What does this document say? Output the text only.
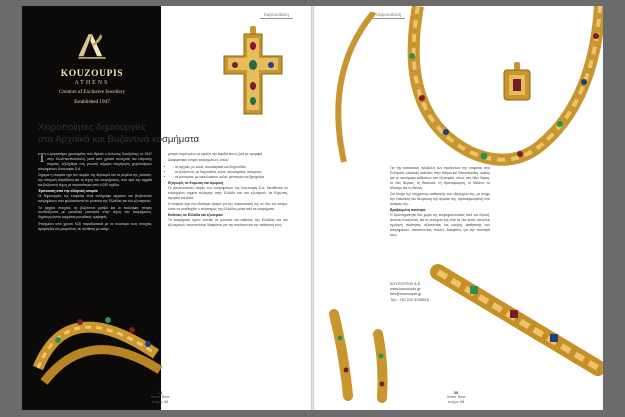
KOUZOUPIS
ATHENS
Creators of Exclusive Jewellery
Established 1947
παρουσίαση
Χειροποίητες δημιουργίες
στα Αρχαϊκά και Βυζαντινά κοσμήματα
Τ ο εργαστήριο χρυσοχοΐας που ίδρυσε ο Αντώνης Κουζούπης το 1947 στην Κωνσταντινούπολη, μετά από χρόνια συνεχούς και επίμονης πορείας, εξελίχθηκε στη γνωστή σήμερα επιχείρηση χειροποίητων κοσμημάτων Kouzoupis S.A.

Σήμερα η εταιρεία έχει τον ακριβό της θησαυρό και τα μεγάλα της γνώσεις: την ιστορική παράδοση και τη τέχνη του κοσμήματος, που τιμά την αρχαία και βυζαντινή τέχνη με περισσότερα από 4.000 σχέδια.

Έμπνευση από την ελληνική ιστορία

Οι δημιουργίες της εταιρείας είναι αντίγραφα αρχαίων και βυζαντινών κοσμημάτων που φυλάσσονται σε μουσεία της Ελλάδας και του εξωτερικού.

Τα αρχαία στοιχεία, τα βυζαντινά μοτίβα και οι πολύτιμες πέτρες συνδυάζονται με μοναδική μαεστρία στην τέχνη του κοσμήματος, δημιουργώντας κομμάτια μοναδικής ομορφιάς.

Φτιαγμένα από χρυσό Κ18 παραδοσιακά με τα πολύτιμα τους στοιχεία, σμαράγδια και ρουμπίνια, σε σύνθεση με ασήμι.

μπορεί παρά μόνο να γεμίζει την καρδιά και τη ζωή με ομορφιά.

Διαφορετικές σειρές κοσμημάτων, όπως:

• - τα αρχαία, με κολιέ, σκουλαρίκια και δαχτυλίδια
• - τα βυζαντινά, με δαχτυλίδια, κολιέ, σκουλαρίκια, σταυρούς
• - τα μοντέρνα, με σκουλαρίκια, κολιέ, μενταγιόν και βραχιόλια
Εξαγωγές σε Ευρώπη και Αμερική

Οι αποκλειστικές σειρές των κοσμημάτων της Kouzoupis S.A. διατίθενται σε επιλεγμένα σημεία πώλησης στην Ελλάδα και στο εξωτερικό, σε Ευρώπη, Αμερική και Ασία.

Η εταιρεία έχει ένα ιδιαίτερο όραμα για την παρουσίασή της σε όλο τον κόσμο, ώστε να αναδειχθεί ο πολιτισμός της Ελλάδας μέσα από τα κοσμήματα.

Εκθέσεις σε Ελλάδα και εξωτερικό

Τα κοσμήματα έχουν εκτεθεί σε μουσεία και εκθέσεις της Ελλάδας και του εξωτερικού, αποσπώντας διακρίσεις για την ποιότητα και την αισθητική τους.

34
Jewel Time
τεύχος 68
παρουσίαση

Για την κατασκευή προβολή των προϊόντων της εταιρείας στις Ελληνικές κλασικές εκθέσεις στην Αθήνα και Θεσσαλονίκη, καθώς και το πανόραμα εκθέσεων στο εξωτερικό, όπως στη Νέα Υόρκη, το Λας Βέγκας, τη Βασιλεία, τη Φρανκφούρτη, το Μιλάνο, το Μονάχο και τη Βιέννη.

Στο στόχο της σύγχρονης αισθητικής των εξαγωγών της, με στόχο την επέκταση και διεύρυνση της αγοράς της, προσαρμοσμένη στις ανάγκες της.

Βραβευμένη ποιότητα

Η δραστηριότητα στο χώρο της κοσμηματοποιίας από τον ιδρυτή, Αντώνη Κουζούπη, και τη συνέχειά της από τη νέα γενιά, αποτελεί εγγύηση ποιότητας, αξιοπιστίας και υψηλής αισθητικής των κοσμημάτων, αποσπώντας πολλές διακρίσεις για την ποιότητά τους.

ΚΟΥΖΟΥΠΗΣ Α.Ε.
www.kouzoupis.gr
info@kouzoupis.gr
Τηλ.: +30 210 3228518
35
Jewel Time
τεύχος 68
